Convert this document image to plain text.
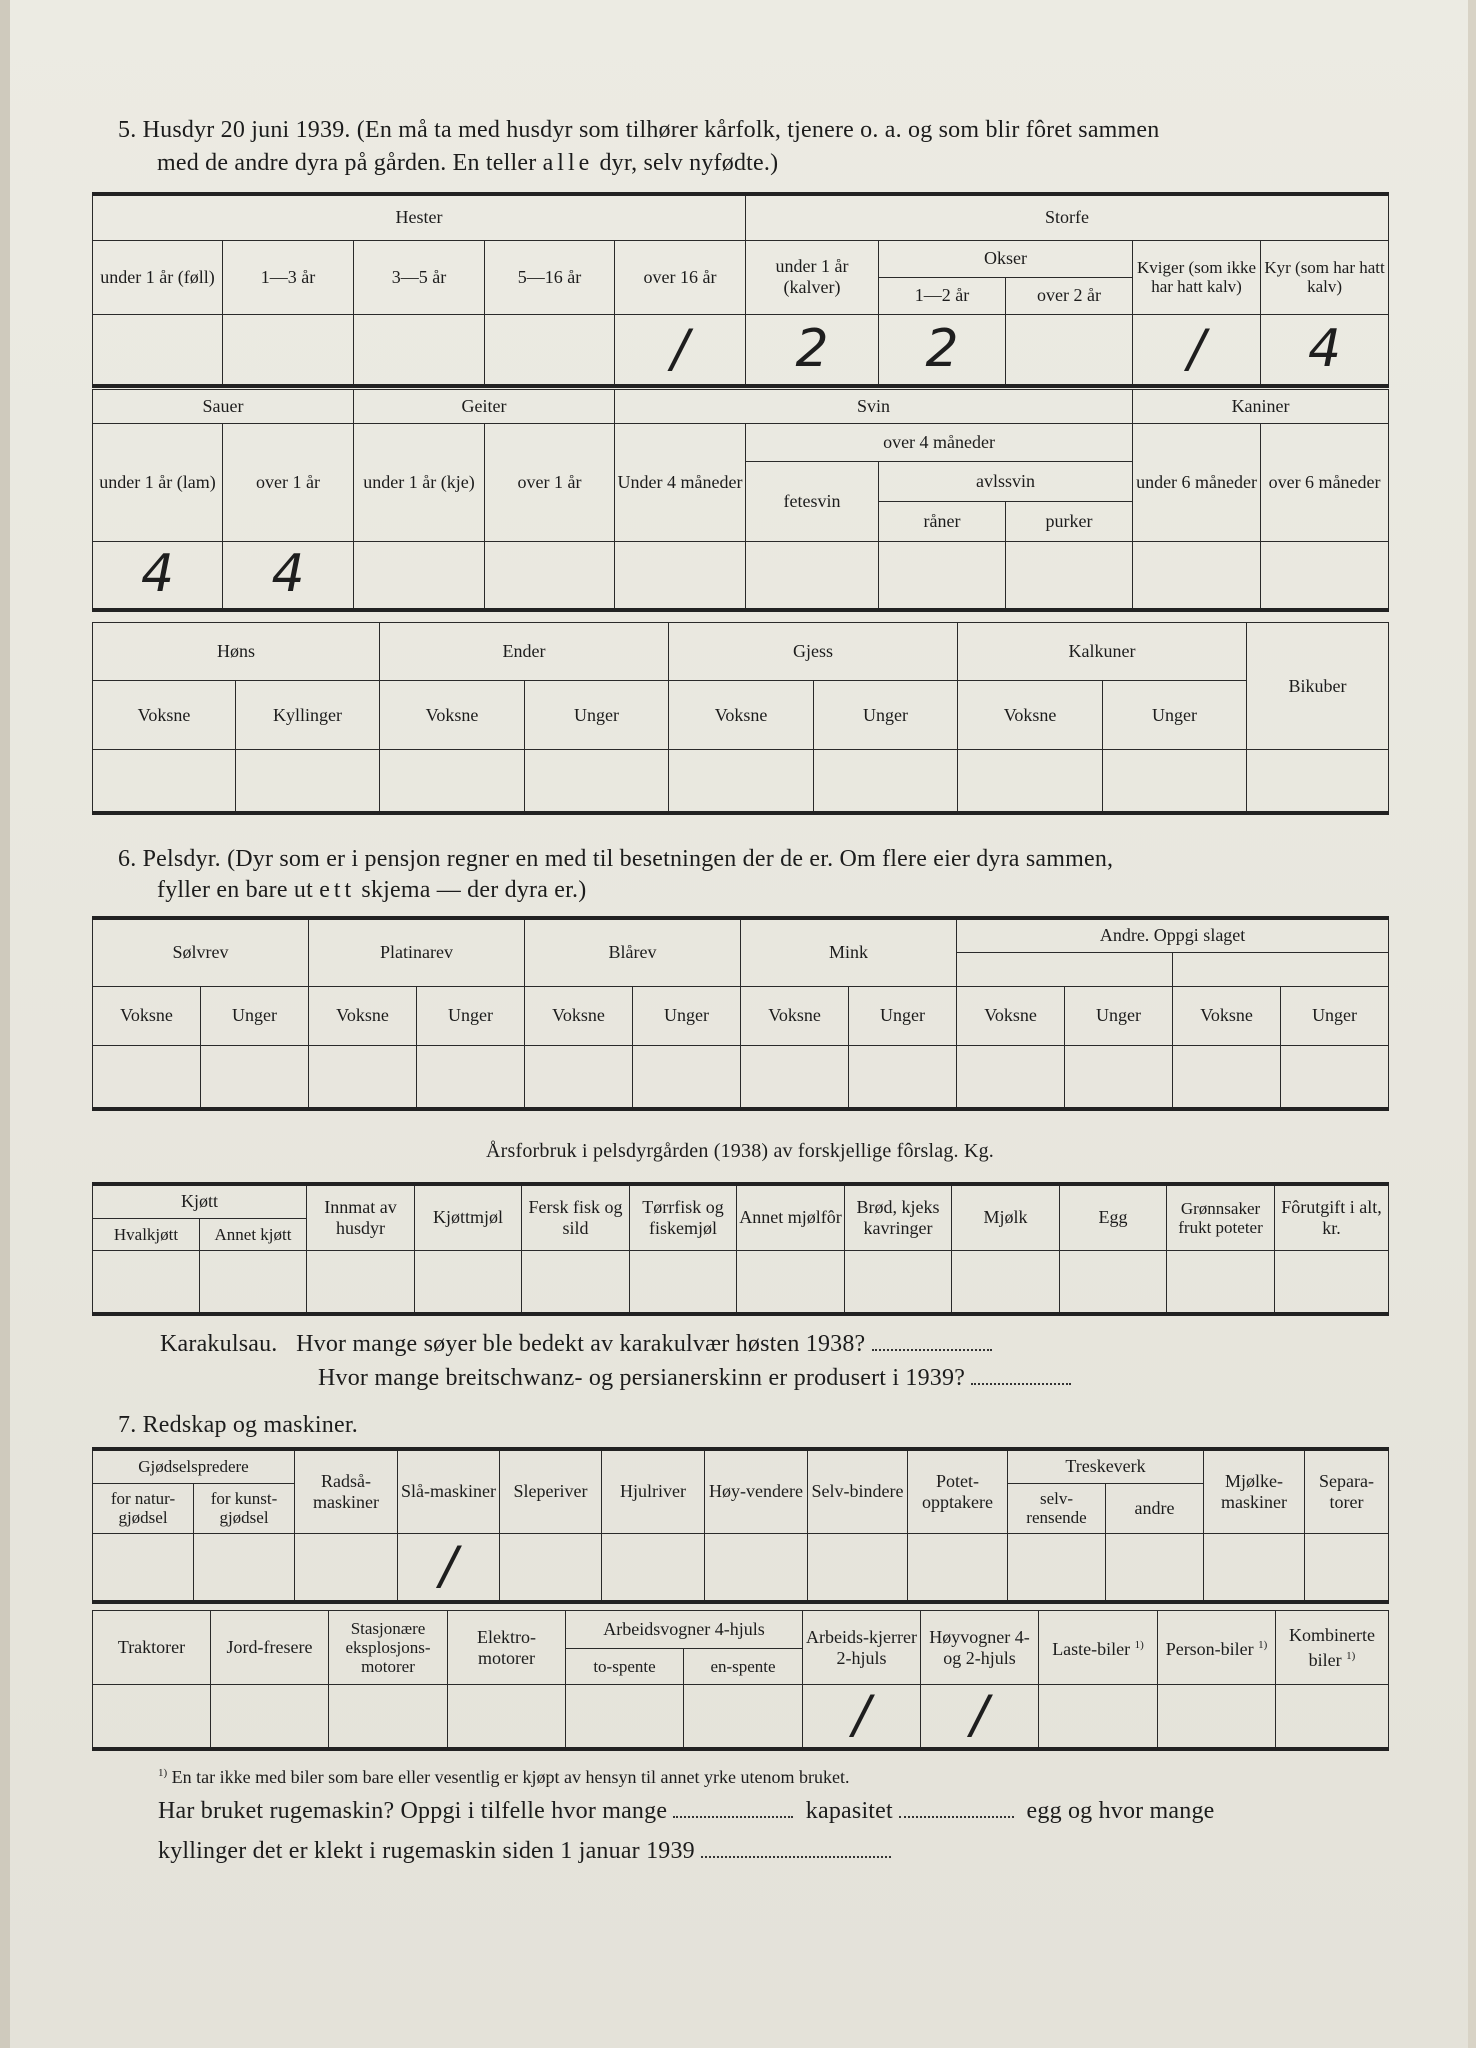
5. Husdyr 20 juni 1939. (En må ta med husdyr som tilhører kårfolk, tjenere o. a. og som blir fôret sammen
med de andre dyra på gården. En teller alle dyr, selv nyfødte.)
Hester					Storfe				
under 1 år (føll)	1—3 år	3—5 år	5—16 år	over 16 år	under 1 år (kalver)	Okser		Kviger (som ikke har hatt kalv)	Kyr (som har hatt kalv)
						1—2 år	over 2 år		
				/	2	2		/	4
Sauer		Geiter		Svin				Kaniner	
under 1 år (lam)	over 1 år	under 1 år (kje)	over 1 år	Under 4 måneder	over 4 måneder			under 6 måneder	over 6 måneder
					fetesvin	avlssvin			
						råner	purker		
4	4								
Høns		Ender		Gjess		Kalkuner		Bikuber
Voksne	Kyllinger	Voksne	Unger	Voksne	Unger	Voksne	Unger	

6. Pelsdyr. (Dyr som er i pensjon regner en med til besetningen der de er. Om flere eier dyra sammen,
fyller en bare ut ett skjema — der dyra er.)
Sølvrev		Platinarev		Blårev		Mink		Andre. Oppgi slaget			

Voksne	Unger	Voksne	Unger	Voksne	Unger	Voksne	Unger	Voksne	Unger	Voksne	Unger

Årsforbruk i pelsdyrgården (1938) av forskjellige fôrslag. Kg.
Kjøtt		Innmat av husdyr	Kjøttmjøl	Fersk fisk og sild	Tørrfisk og fiskemjøl	Annet mjølfôr	Brød, kjeks kavringer	Mjølk	Egg	Grønnsaker frukt poteter	Fôrutgift i alt, kr.
Hvalkjøtt	Annet kjøtt										

Karakulsau. Hvor mange søyer ble bedekt av karakulvær høsten 1938?
Hvor mange breitschwanz- og persianerskinn er produsert i 1939?
7. Redskap og maskiner.
Gjødselspredere		Radså-maskiner	Slå-maskiner	Sleperiver	Hjulriver	Høy-vendere	Selv-bindere	Potet-opptakere	Treskeverk		Mjølke-maskiner	Separa-torer
for natur-gjødsel	for kunst-gjødsel								selv-rensende	andre		
			/									
Traktorer	Jord-freserе	Stasjonære eksplosjons-motorer	Elektro-motorer	Arbeidsvogner 4-hjuls		Arbeids-kjerrer 2-hjuls	Høyvogner 4- og 2-hjuls	Laste-biler $^{1)}$	Person-biler $^{1)}$	Kombinerte biler $^{1)}$
				to-spente	en-spente					
						/	/			
$^{1)}$ En tar ikke med biler som bare eller vesentlig er kjøpt av hensyn til annet yrke utenom bruket.
Har bruket rugemaskin? Oppgi i tilfelle hvor mange	kapasitet	egg og hvor mange
kyllinger det er klekt i rugemaskin siden 1 januar 1939
